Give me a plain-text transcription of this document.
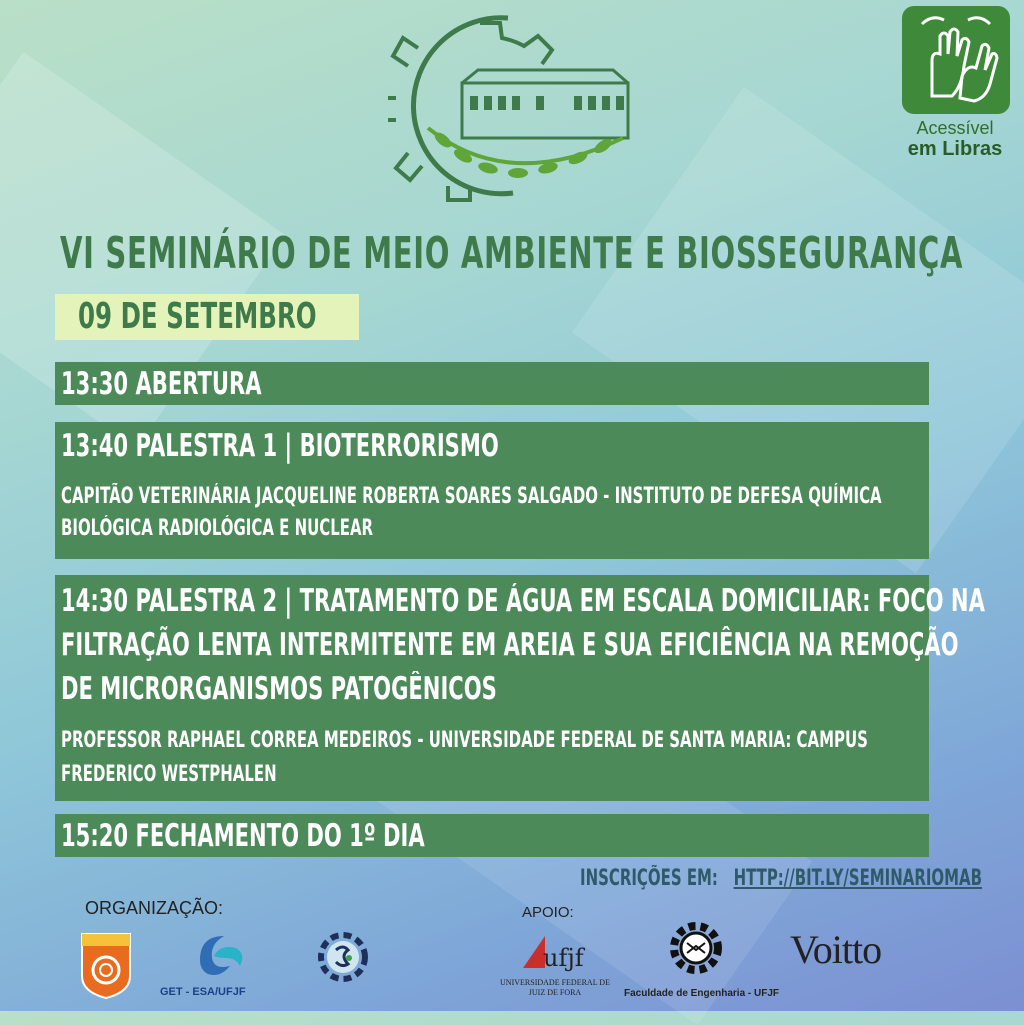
Acessível
em Libras
VI SEMINÁRIO DE MEIO AMBIENTE E BIOSSEGURANÇA
09 DE SETEMBRO
13:30 ABERTURA
13:40 PALESTRA 1 | BIOTERRORISMO
CAPITÃO VETERINÁRIA JACQUELINE ROBERTA SOARES SALGADO - INSTITUTO DE DEFESA QUÍMICA
BIOLÓGICA RADIOLÓGICA E NUCLEAR
14:30 PALESTRA 2 | TRATAMENTO DE ÁGUA EM ESCALA DOMICILIAR: FOCO NA
FILTRAÇÃO LENTA INTERMITENTE EM AREIA E SUA EFICIÊNCIA NA REMOÇÃO
DE MICRORGANISMOS PATOGÊNICOS
PROFESSOR RAPHAEL CORREA MEDEIROS - UNIVERSIDADE FEDERAL DE SANTA MARIA: CAMPUS
FREDERICO WESTPHALEN
15:20 FECHAMENTO DO 1º DIA
INSCRIÇÕES EM: HTTP://BIT.LY/SEMINARIOMAB
ORGANIZAÇÃO:
GET - ESA/UFJF
APOIO:
ufjf
UNIVERSIDADE FEDERAL DE JUIZ DE FORA	Faculdade de Engenharia - UFJF
Voitto
